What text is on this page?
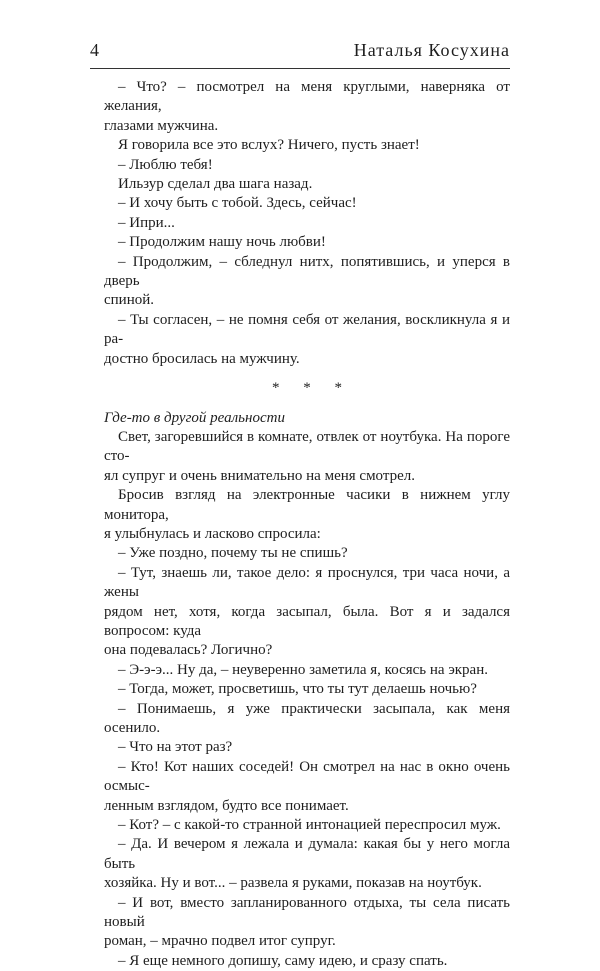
4	Наталья Косухина

– Что? – посмотрел на меня круглыми, наверняка от желания,

глазами мужчина.

Я говорила все это вслух? Ничего, пусть знает!

– Люблю тебя!

Ильзур сделал два шага назад.

– И хочу быть с тобой. Здесь, сейчас!

– Ипри...

– Продолжим нашу ночь любви!

– Продолжим, – сбледнул нитх, попятившись, и уперся в дверь

спиной.

– Ты согласен, – не помня себя от желания, воскликнула я и ра-

достно бросилась на мужчину.

* * *

Где-то в другой реальности

Свет, загоревшийся в комнате, отвлек от ноутбука. На пороге сто-

ял супруг и очень внимательно на меня смотрел.

Бросив взгляд на электронные часики в нижнем углу монитора,

я улыбнулась и ласково спросила:

– Уже поздно, почему ты не спишь?

– Тут, знаешь ли, такое дело: я проснулся, три часа ночи, а жены

рядом нет, хотя, когда засыпал, была. Вот я и задался вопросом: куда

она подевалась? Логично?

– Э-э-э... Ну да, – неуверенно заметила я, косясь на экран.

– Тогда, может, просветишь, что ты тут делаешь ночью?

– Понимаешь, я уже практически засыпала, как меня осенило.

– Что на этот раз?

– Кто! Кот наших соседей! Он смотрел на нас в окно очень осмыс-

ленным взглядом, будто все понимает.

– Кот? – с какой-то странной интонацией переспросил муж.

– Да. И вечером я лежала и думала: какая бы у него могла быть

хозяйка. Ну и вот... – развела я руками, показав на ноутбук.

– И вот, вместо запланированного отдыха, ты села писать новый

роман, – мрачно подвел итог супруг.

– Я еще немного допишу, саму идею, и сразу спать.
